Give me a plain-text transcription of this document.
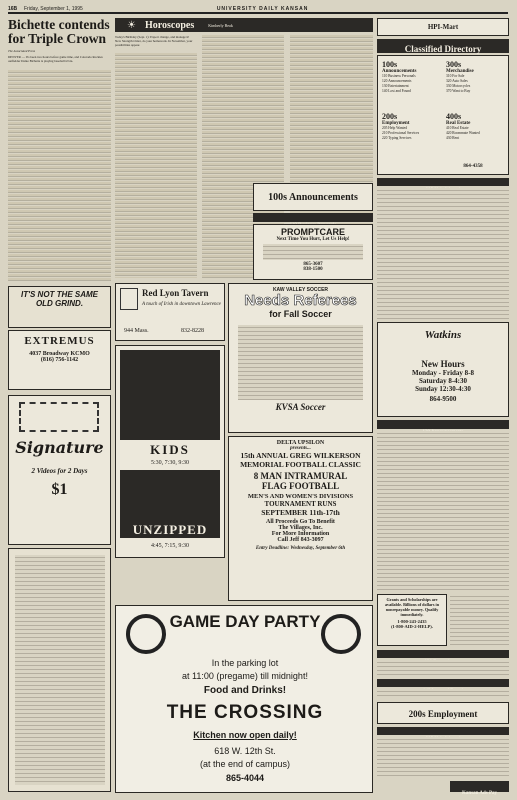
16B Friday, September 1, 1995	UNIVERSITY DAILY KANSAN
Bichette contends for Triple Crown
The Associated Press
DENVER — It's been two hours before game time, and Colorado Rockies outfielder Dante Bichette is playing baseball trivia.
IT'S NOT THE SAME OLD GRIND.
EXTREMUS
4037 Broadway KCMO
(816) 756-1142
Signature
2 Videos for 2 Days
$1
☀ Horoscopes	Kimberly Beak
Today's Birthday (Sept. 1): Expect change, and manage it! New Strength Order, do your homework. In November, your possibilities appear.
Red Lyon Tavern
A touch of Irish in downtown Lawrence
944 Mass.	832-8228
KIDS
5:30, 7:30, 9:30
UNZIPPED
4:45, 7:15, 9:30
KAW VALLEY SOCCER
Needs Referees
for Fall Soccer
KVSA Soccer
DELTA UPSILON
presents...
15th ANNUAL GREG WILKERSON
MEMORIAL FOOTBALL CLASSIC
8 MAN INTRAMURAL
FLAG FOOTBALL
MEN'S AND WOMEN'S DIVISIONS
TOURNAMENT RUNS
SEPTEMBER 11th-17th
All Proceeds Go To Benefit
The Villages, Inc.
For More Information
Call Jeff 843-3097
Entry Deadline: Wednesday, September 6th
GAME DAY PARTY
In the parking lot
at 11:00 (pregame) till midnight!
Food and Drinks!
THE CROSSING
Kitchen now open daily!
618 W. 12th St.
(at the end of campus)
865-4044
HPI-Mart
Classified Directory
100s
Announcements
110 Business Personals
120 Announcements
130 Entertainment
140 Lost and Found
200s
Employment
205 Help Wanted
210 Professional Services
220 Typing Services
300s
Merchandise
310 For Sale
320 Auto Sales
330 Motorcycles
370 Want to Buy
400s
Real Estate
410 Real Estate
420 Roommate Wanted
430 Rent
864-4358
100s Announcements
PROMPTCARE
Next Time You Hurt, Let Us Help!
865-3607
838-1500
Watkins
New Hours
Monday - Friday 8-8
Saturday 8-4:30
Sunday 12:30-4:30
864-9500
Grants and Scholarships are available. Billions of dollars in nonrepayable money. Qualify immediately.
1-800-243-2435
(1-800-AID-2-HELP).
200s Employment
Kansan Ads Pay
